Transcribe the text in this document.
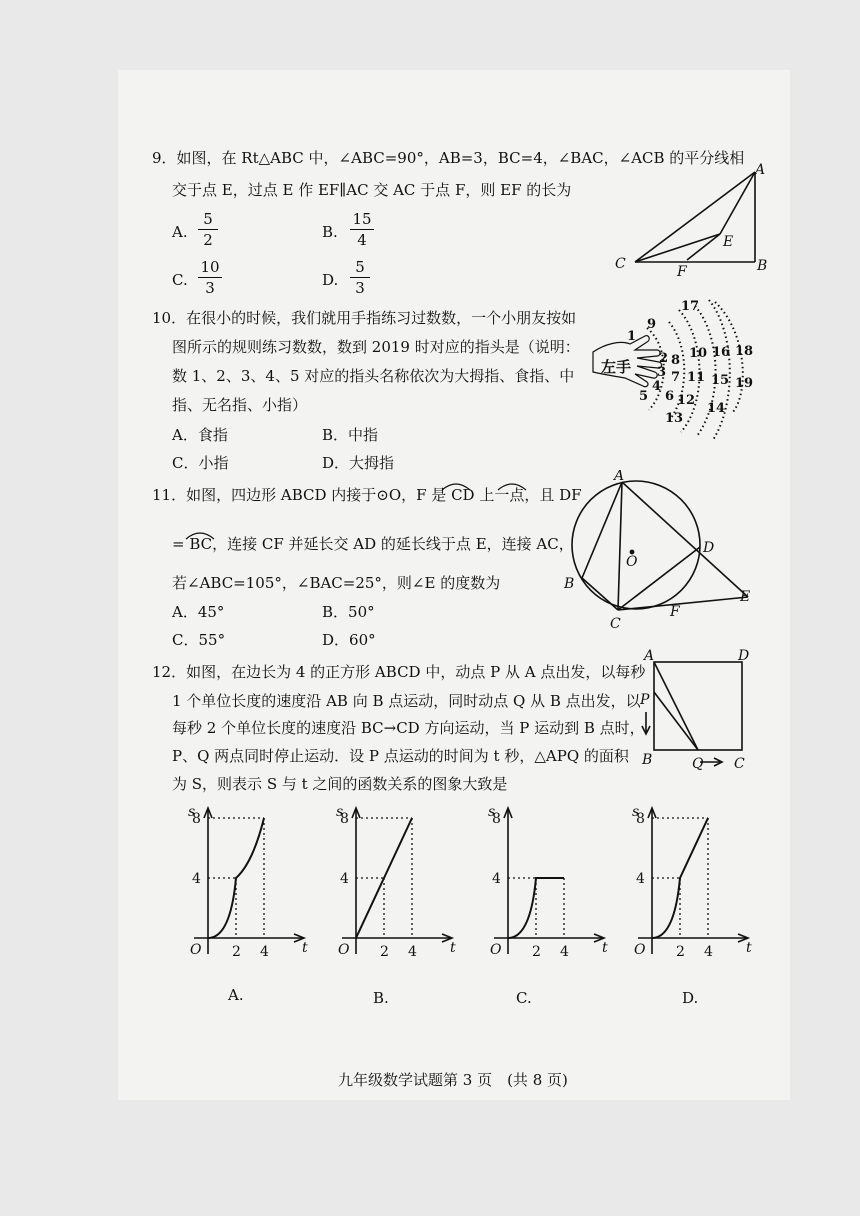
9．如图，在 Rt△ABC 中，∠ABC=90°，AB=3，BC=4，∠BAC，∠ACB 的平分线相
交于点 E，过点 E 作 EF∥AC 交 AC 于点 F，则 EF 的长为
A.
5
2	B.
15
4
C.
10
3	D.
5
3
A
B
C
E
F
10．在很小的时候，我们就用手指练习过数数，一个小朋友按如
图所示的规则练习数数，数到 2019 时对应的指头是（说明：
数 1、2、3、4、5 对应的指头名称依次为大拇指、食指、中
指、无名指、小指）
A．食指	B．中指
C．小指	D．大拇指
1
2
3
4
5 6
7
8
9
10
11
12
13
14
15
16
17
18
19
左手
11．如图，四边形 ABCD 内接于⊙O，F 是 CD 上一点，且 DF
= BC，连接 CF 并延长交 AD 的延长线于点 E，连接 AC，
若∠ABC=105°，∠BAC=25°，则∠E 的度数为
A．45°	B．50°
C．55°	D．60°
A
B
C
D
E
F
O
12．如图，在边长为 4 的正方形 ABCD 中，动点 P 从 A 点出发，以每秒
1 个单位长度的速度沿 AB 向 B 点运动，同时动点 Q 从 B 点出发，以
每秒 2 个单位长度的速度沿 BC→CD 方向运动，当 P 运动到 B 点时，
P、Q 两点同时停止运动．设 P 点运动的时间为 t 秒，△APQ 的面积
为 S，则表示 S 与 t 之间的函数关系的图象大致是
A	D
P
B	Q C
s
t
O
4
8
2 4
s
t
O
4
8
2 4
s
t
O
4
8
2 4
s
t
O
4
8
2 4
A.	B.	C.	D.
九年级数学试题第 3 页　(共 8 页)
